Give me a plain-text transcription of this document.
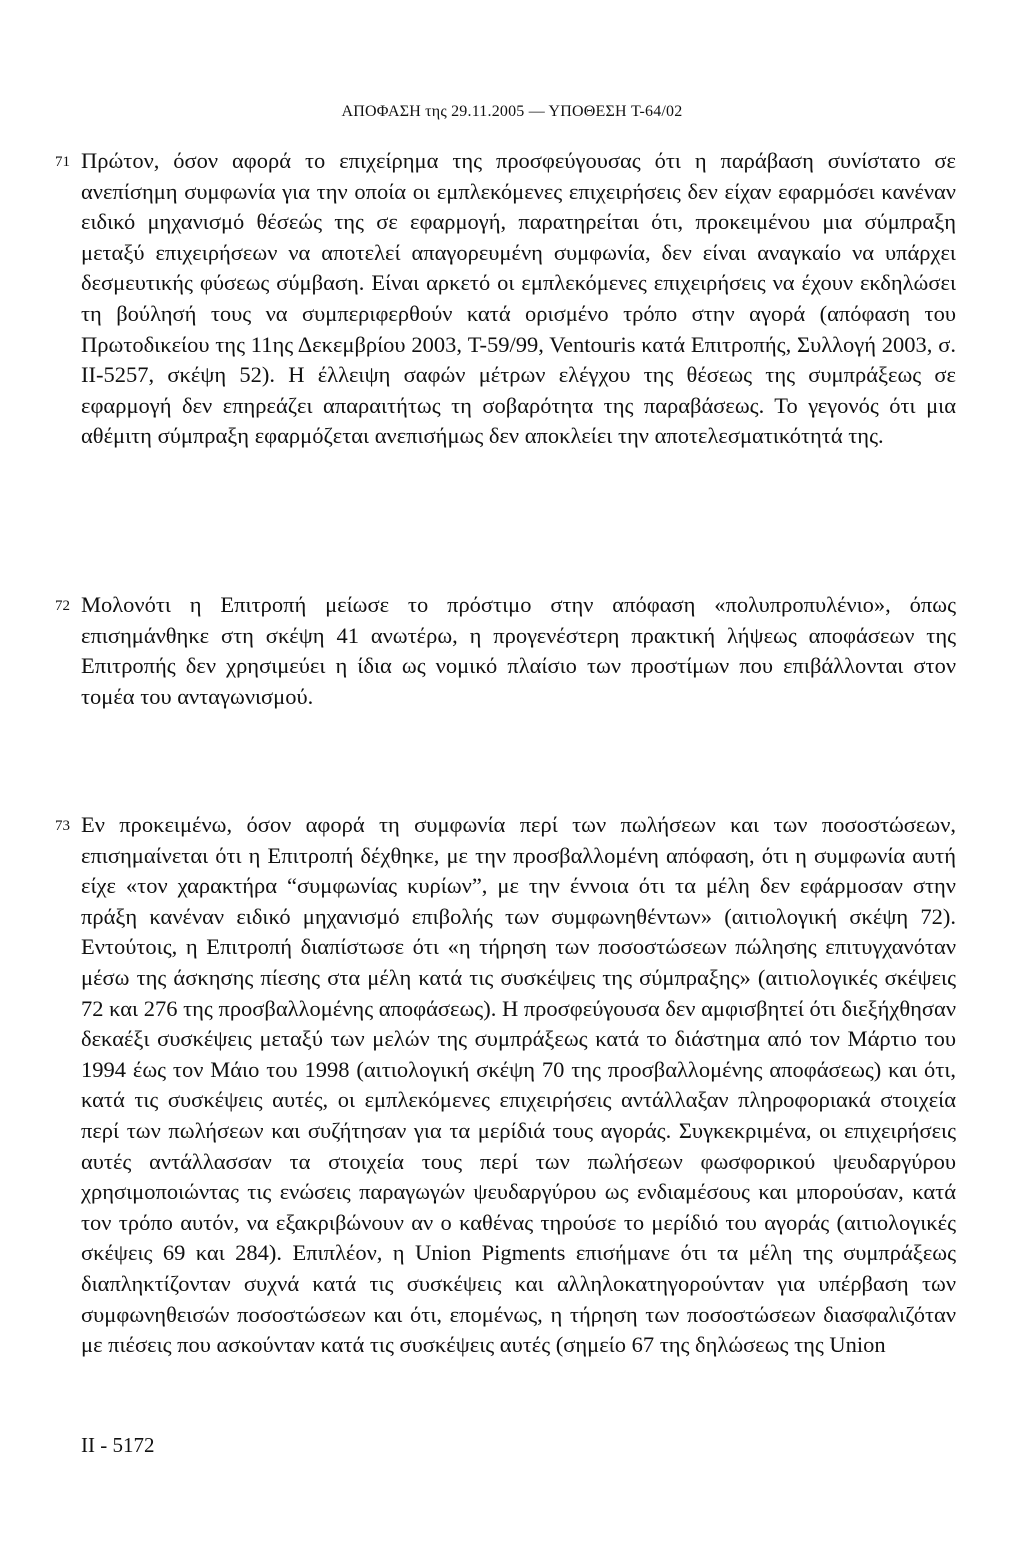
ΑΠΟΦΑΣΗ της 29.11.2005 — ΥΠΟΘΕΣΗ T-64/02
71 Πρώτον, όσον αφορά το επιχείρημα της προσφεύγουσας ότι η παράβαση συνίστατο σε ανεπίσημη συμφωνία για την οποία οι εμπλεκόμενες επιχειρήσεις δεν είχαν εφαρμόσει κανέναν ειδικό μηχανισμό θέσεώς της σε εφαρμογή, παρατηρείται ότι, προκειμένου μια σύμπραξη μεταξύ επιχειρήσεων να αποτελεί απαγορευμένη συμφωνία, δεν είναι αναγκαίο να υπάρχει δεσμευτικής φύσεως σύμβαση. Είναι αρκετό οι εμπλεκόμενες επιχειρήσεις να έχουν εκδηλώσει τη βούλησή τους να συμπεριφερθούν κατά ορισμένο τρόπο στην αγορά (απόφαση του Πρωτοδικείου της 11ης Δεκεμβρίου 2003, T-59/99, Ventouris κατά Επιτροπής, Συλλογή 2003, σ. II-5257, σκέψη 52). Η έλλειψη σαφών μέτρων ελέγχου της θέσεως της συμπράξεως σε εφαρμογή δεν επηρεάζει απαραιτήτως τη σοβαρότητα της παραβάσεως. Το γεγονός ότι μια αθέμιτη σύμπραξη εφαρμόζεται ανεπισήμως δεν αποκλείει την αποτελεσματικότητά της.

72 Μολονότι η Επιτροπή μείωσε το πρόστιμο στην απόφαση «πολυπροπυλένιο», όπως επισημάνθηκε στη σκέψη 41 ανωτέρω, η προγενέστερη πρακτική λήψεως αποφάσεων της Επιτροπής δεν χρησιμεύει η ίδια ως νομικό πλαίσιο των προστίμων που επιβάλλονται στον τομέα του ανταγωνισμού.

73 Εν προκειμένω, όσον αφορά τη συμφωνία περί των πωλήσεων και των ποσοστώσεων, επισημαίνεται ότι η Επιτροπή δέχθηκε, με την προσβαλλομένη απόφαση, ότι η συμφωνία αυτή είχε «τον χαρακτήρα “συμφωνίας κυρίων”, με την έννοια ότι τα μέλη δεν εφάρμοσαν στην πράξη κανέναν ειδικό μηχανισμό επιβολής των συμφωνηθέντων» (αιτιολογική σκέψη 72). Εντούτοις, η Επιτροπή διαπίστωσε ότι «η τήρηση των ποσοστώσεων πώλησης επιτυγχανόταν μέσω της άσκησης πίεσης στα μέλη κατά τις συσκέψεις της σύμπραξης» (αιτιολογικές σκέψεις 72 και 276 της προσβαλλομένης αποφάσεως). Η προσφεύγουσα δεν αμφισβητεί ότι διεξήχθησαν δεκαέξι συσκέψεις μεταξύ των μελών της συμπράξεως κατά το διάστημα από τον Μάρτιο του 1994 έως τον Μάιο του 1998 (αιτιολογική σκέψη 70 της προσβαλλομένης αποφάσεως) και ότι, κατά τις συσκέψεις αυτές, οι εμπλεκόμενες επιχειρήσεις αντάλλαξαν πληροφοριακά στοιχεία περί των πωλήσεων και συζήτησαν για τα μερίδιά τους αγοράς. Συγκεκριμένα, οι επιχειρήσεις αυτές αντάλλασσαν τα στοιχεία τους περί των πωλήσεων φωσφορικού ψευδαργύρου χρησιμοποιώντας τις ενώσεις παραγωγών ψευδαργύρου ως ενδιαμέσους και μπορούσαν, κατά τον τρόπο αυτόν, να εξακριβώνουν αν ο καθένας τηρούσε το μερίδιό του αγοράς (αιτιολογικές σκέψεις 69 και 284). Επιπλέον, η Union Pigments επισήμανε ότι τα μέλη της συμπράξεως διαπληκτίζονταν συχνά κατά τις συσκέψεις και αλληλοκατηγορούνταν για υπέρβαση των συμφωνηθεισών ποσοστώσεων και ότι, επομένως, η τήρηση των ποσοστώσεων διασφαλιζόταν με πιέσεις που ασκούνταν κατά τις συσκέψεις αυτές (σημείο 67 της δηλώσεως της Union

II - 5172
